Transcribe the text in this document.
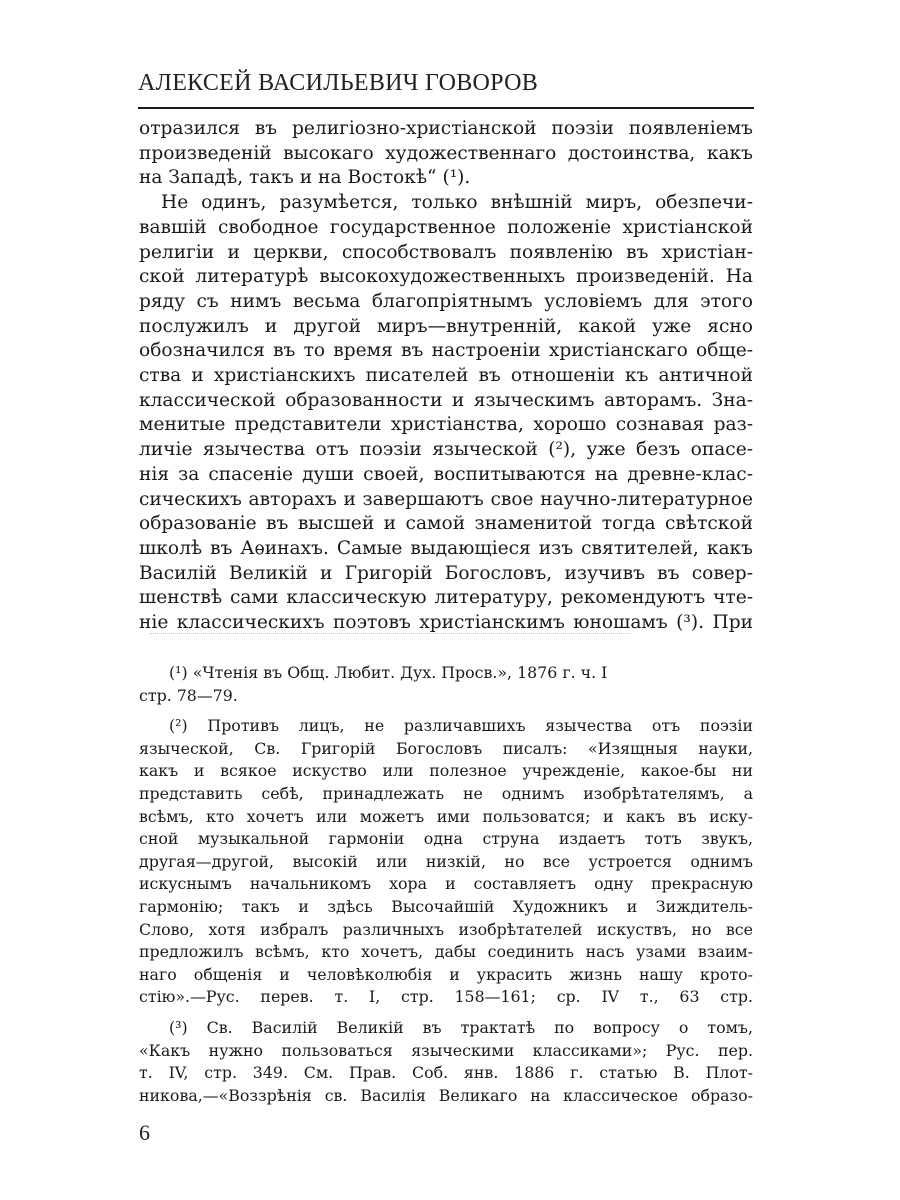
АЛЕКСЕЙ ВАСИЛЬЕВИЧ ГОВОРОВ
отразился въ религіозно-христіанской поэзіи появленіемъ
произведеній высокаго художественнаго достоинства, какъ
на Западѣ, такъ и на Востокѣ“ (¹).
Не одинъ, разумѣется, только внѣшній миръ, обезпечи-
вавшій свободное государственное положеніе христіанской
религіи и церкви, способствовалъ появленію въ христіан-
ской литературѣ высокохудожественныхъ произведеній. На
ряду съ нимъ весьма благопріятнымъ условіемъ для этого
послужилъ и другой миръ—внутренній, какой уже ясно
обозначился въ то время въ настроеніи христіанскаго обще-
ства и христіанскихъ писателей въ отношеніи къ античной
классической образованности и языческимъ авторамъ. Зна-
менитые представители христіанства, хорошо сознавая раз-
личіе язычества отъ поэзіи языческой (²), уже безъ опасе-
нія за спасеніе души своей, воспитываются на древне-клас-
сическихъ авторахъ и завершаютъ свое научно-литературное
образованіе въ высшей и самой знаменитой тогда свѣтской
школѣ въ Аѳинахъ. Самые выдающіеся изъ святителей, какъ
Василій Великій и Григорій Богословъ, изучивъ въ совер-
шенствѣ сами классическую литературу, рекомендуютъ чте-
ніе классическихъ поэтовъ христіанскимъ юношамъ (³). При
(¹) «Чтенія въ Общ. Любит. Дух. Просв.», 1876 г. ч. I
стр. 78—79.
(²) Противъ лицъ, не различавшихъ язычества отъ поэзіи
языческой, Св. Григорій Богословъ писалъ: «Изящныя науки,
какъ и всякое искуство или полезное учрежденіе, какое-бы ни
представить себѣ, принадлежать не однимъ изобрѣтателямъ, а
всѣмъ, кто хочетъ или можетъ ими пользоватся; и какъ въ иску-
сной музыкальной гармоніи одна струна издаетъ тотъ звукъ,
другая—другой, высокій или низкій, но все устроется однимъ
искуснымъ начальникомъ хора и составляетъ одну прекрасную
гармонію; такъ и здѣсь Высочайшій Художникъ и Зиждитель-
Слово, хотя избралъ различныхъ изобрѣтателей искуствъ, но все
предложилъ всѣмъ, кто хочетъ, дабы соединить насъ узами взаим-
наго общенія и человѣколюбія и украсить жизнь нашу крото-
стію».—Рус. перев. т. I, стр. 158—161; ср. IV т., 63 стр.
(³) Св. Василій Великій въ трактатѣ по вопросу о томъ,
«Какъ нужно пользоваться языческими классиками»; Рус. пер.
т. IV, стр. 349. См. Прав. Соб. янв. 1886 г. статью В. Плот-
никова,—«Воззрѣнія св. Василія Великаго на классическое образо-
6
